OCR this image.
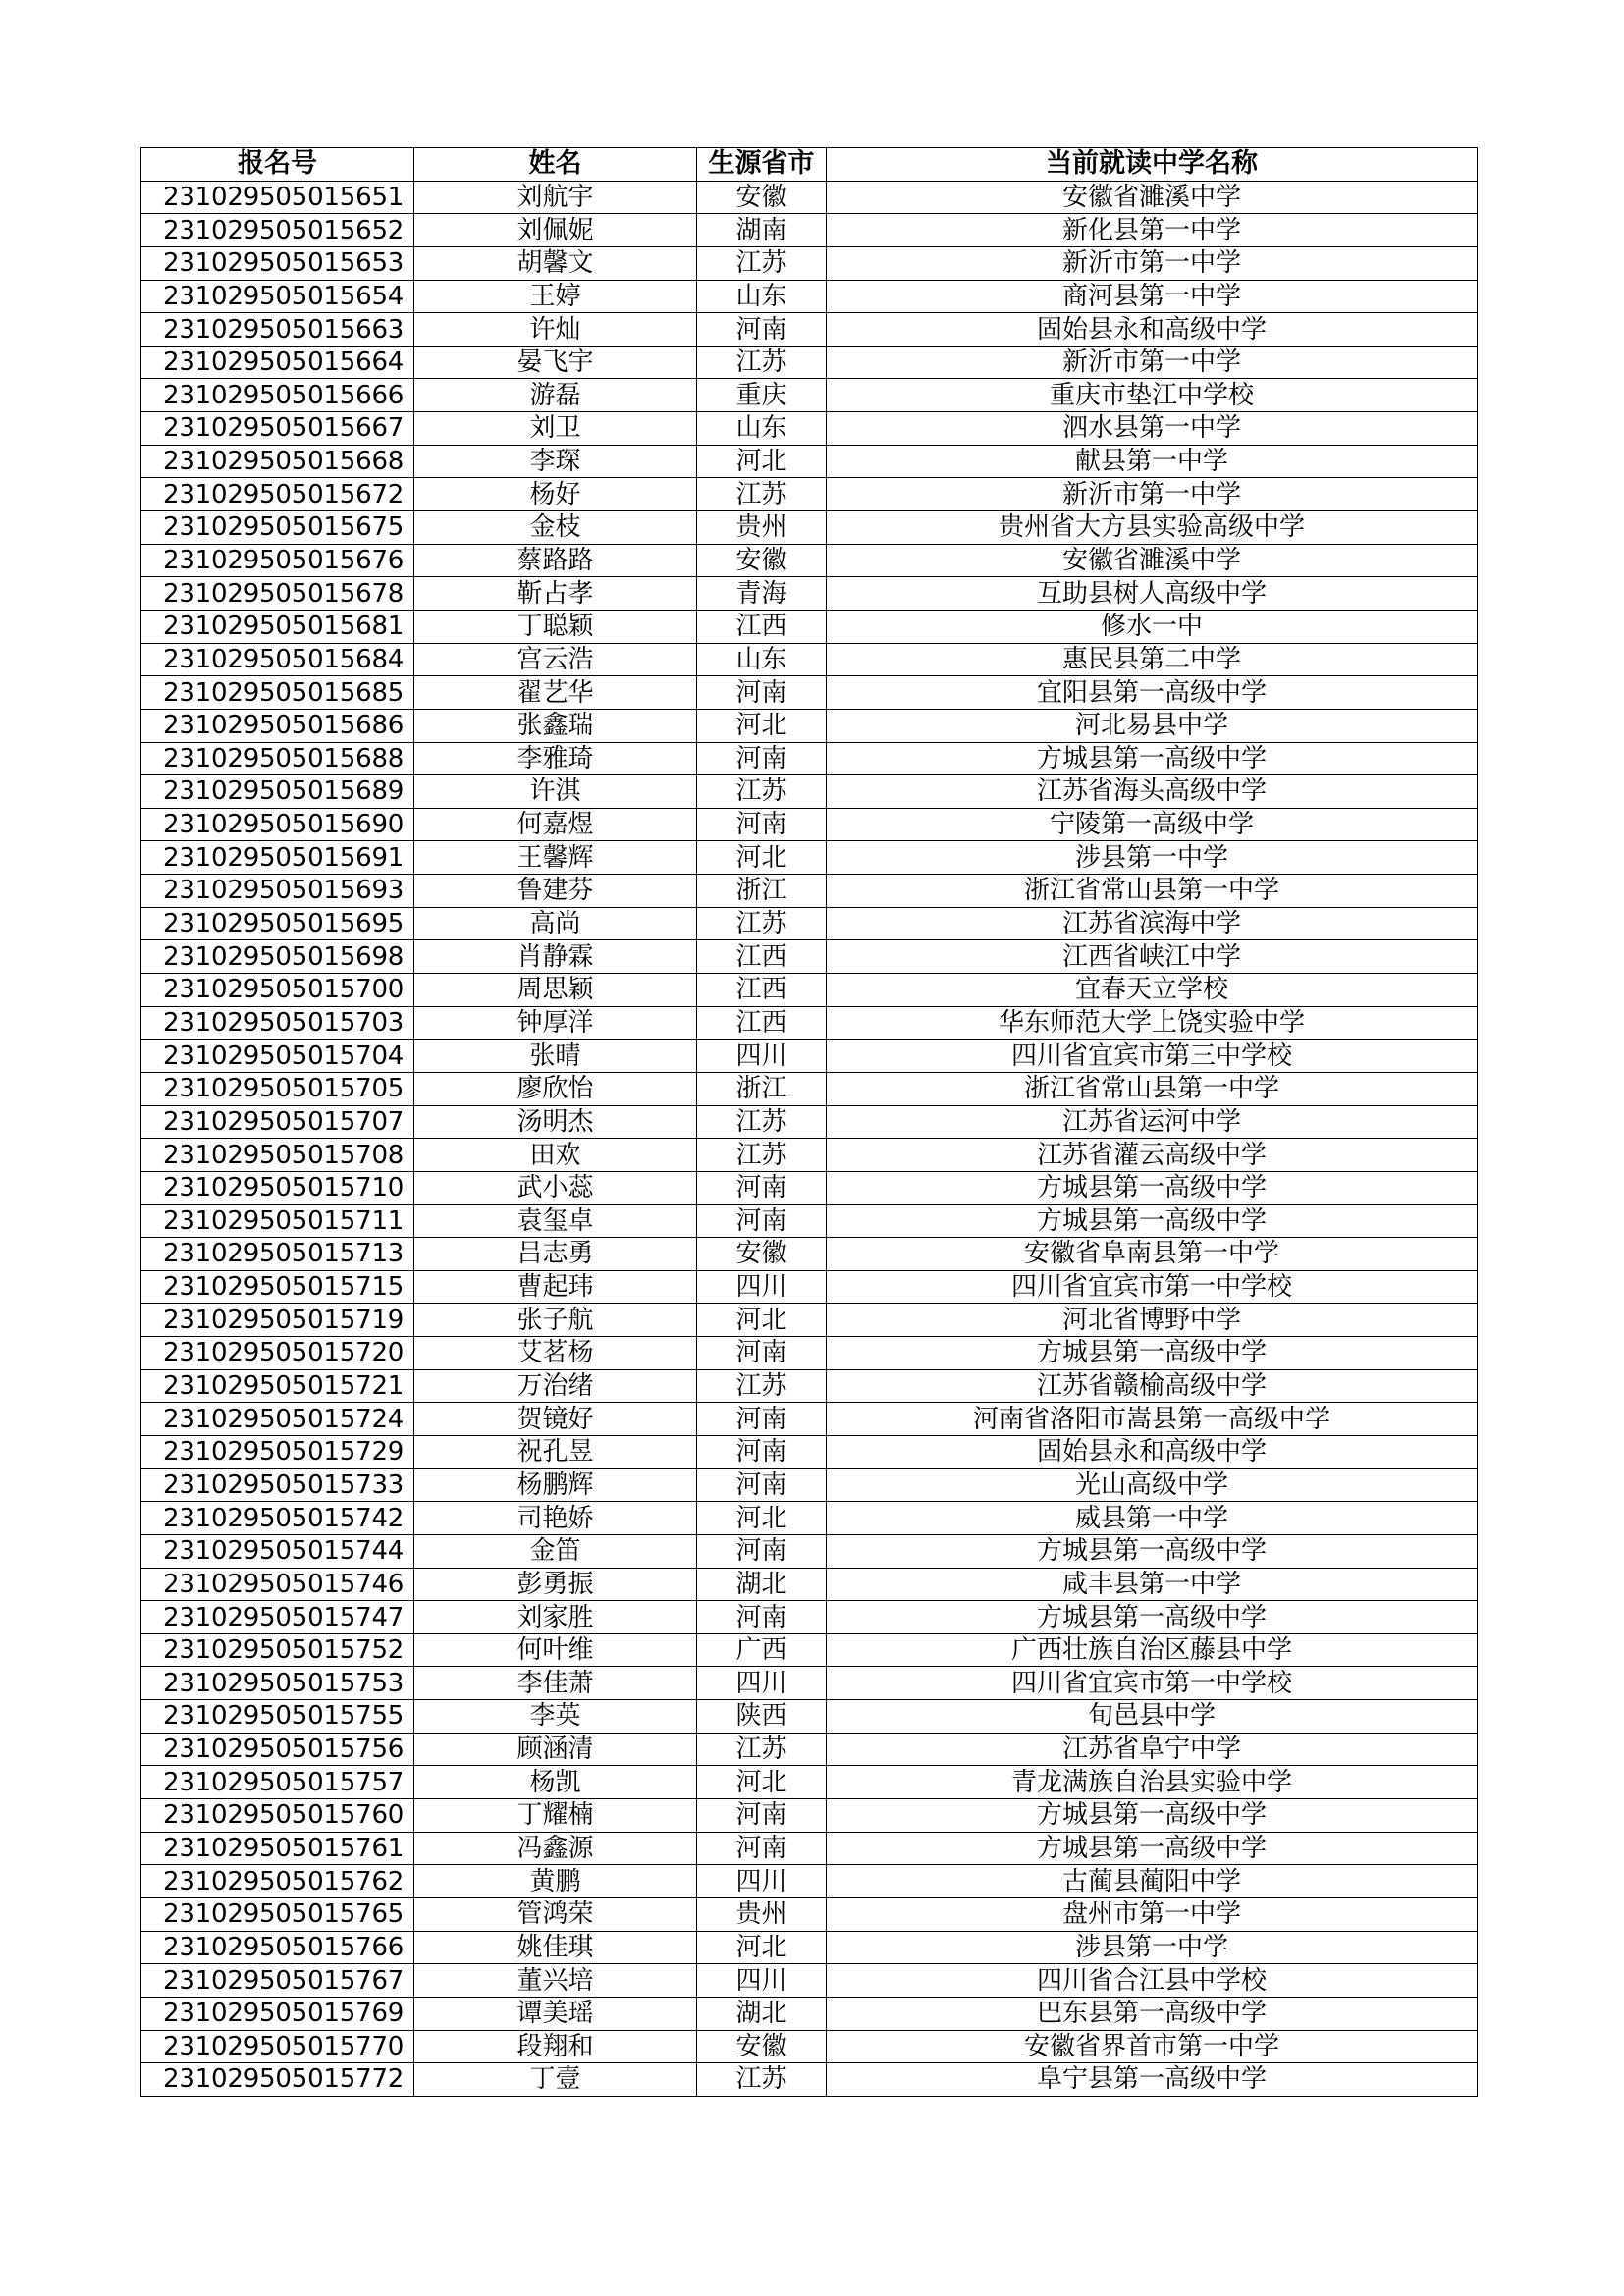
报名号	姓名	生源省市	当前就读中学名称
231029505015651	刘航宇	安徽	安徽省濉溪中学
231029505015652	刘佩妮	湖南	新化县第一中学
231029505015653	胡馨文	江苏	新沂市第一中学
231029505015654	王婷	山东	商河县第一中学
231029505015663	许灿	河南	固始县永和高级中学
231029505015664	晏飞宇	江苏	新沂市第一中学
231029505015666	游磊	重庆	重庆市垫江中学校
231029505015667	刘卫	山东	泗水县第一中学
231029505015668	李琛	河北	献县第一中学
231029505015672	杨好	江苏	新沂市第一中学
231029505015675	金枝	贵州	贵州省大方县实验高级中学
231029505015676	蔡路路	安徽	安徽省濉溪中学
231029505015678	靳占孝	青海	互助县树人高级中学
231029505015681	丁聪颖	江西	修水一中
231029505015684	宫云浩	山东	惠民县第二中学
231029505015685	翟艺华	河南	宜阳县第一高级中学
231029505015686	张鑫瑞	河北	河北易县中学
231029505015688	李雅琦	河南	方城县第一高级中学
231029505015689	许淇	江苏	江苏省海头高级中学
231029505015690	何嘉煜	河南	宁陵第一高级中学
231029505015691	王馨辉	河北	涉县第一中学
231029505015693	鲁建芬	浙江	浙江省常山县第一中学
231029505015695	高尚	江苏	江苏省滨海中学
231029505015698	肖静霖	江西	江西省峡江中学
231029505015700	周思颖	江西	宜春天立学校
231029505015703	钟厚洋	江西	华东师范大学上饶实验中学
231029505015704	张晴	四川	四川省宜宾市第三中学校
231029505015705	廖欣怡	浙江	浙江省常山县第一中学
231029505015707	汤明杰	江苏	江苏省运河中学
231029505015708	田欢	江苏	江苏省灌云高级中学
231029505015710	武小蕊	河南	方城县第一高级中学
231029505015711	袁玺卓	河南	方城县第一高级中学
231029505015713	吕志勇	安徽	安徽省阜南县第一中学
231029505015715	曹起玮	四川	四川省宜宾市第一中学校
231029505015719	张子航	河北	河北省博野中学
231029505015720	艾茗杨	河南	方城县第一高级中学
231029505015721	万治绪	江苏	江苏省赣榆高级中学
231029505015724	贺镜好	河南	河南省洛阳市嵩县第一高级中学
231029505015729	祝孔昱	河南	固始县永和高级中学
231029505015733	杨鹏辉	河南	光山高级中学
231029505015742	司艳娇	河北	威县第一中学
231029505015744	金笛	河南	方城县第一高级中学
231029505015746	彭勇振	湖北	咸丰县第一中学
231029505015747	刘家胜	河南	方城县第一高级中学
231029505015752	何叶维	广西	广西壮族自治区藤县中学
231029505015753	李佳萧	四川	四川省宜宾市第一中学校
231029505015755	李英	陕西	旬邑县中学
231029505015756	顾涵清	江苏	江苏省阜宁中学
231029505015757	杨凯	河北	青龙满族自治县实验中学
231029505015760	丁耀楠	河南	方城县第一高级中学
231029505015761	冯鑫源	河南	方城县第一高级中学
231029505015762	黄鹏	四川	古蔺县蔺阳中学
231029505015765	管鸿荣	贵州	盘州市第一中学
231029505015766	姚佳琪	河北	涉县第一中学
231029505015767	董兴培	四川	四川省合江县中学校
231029505015769	谭美瑶	湖北	巴东县第一高级中学
231029505015770	段翔和	安徽	安徽省界首市第一中学
231029505015772	丁壹	江苏	阜宁县第一高级中学
